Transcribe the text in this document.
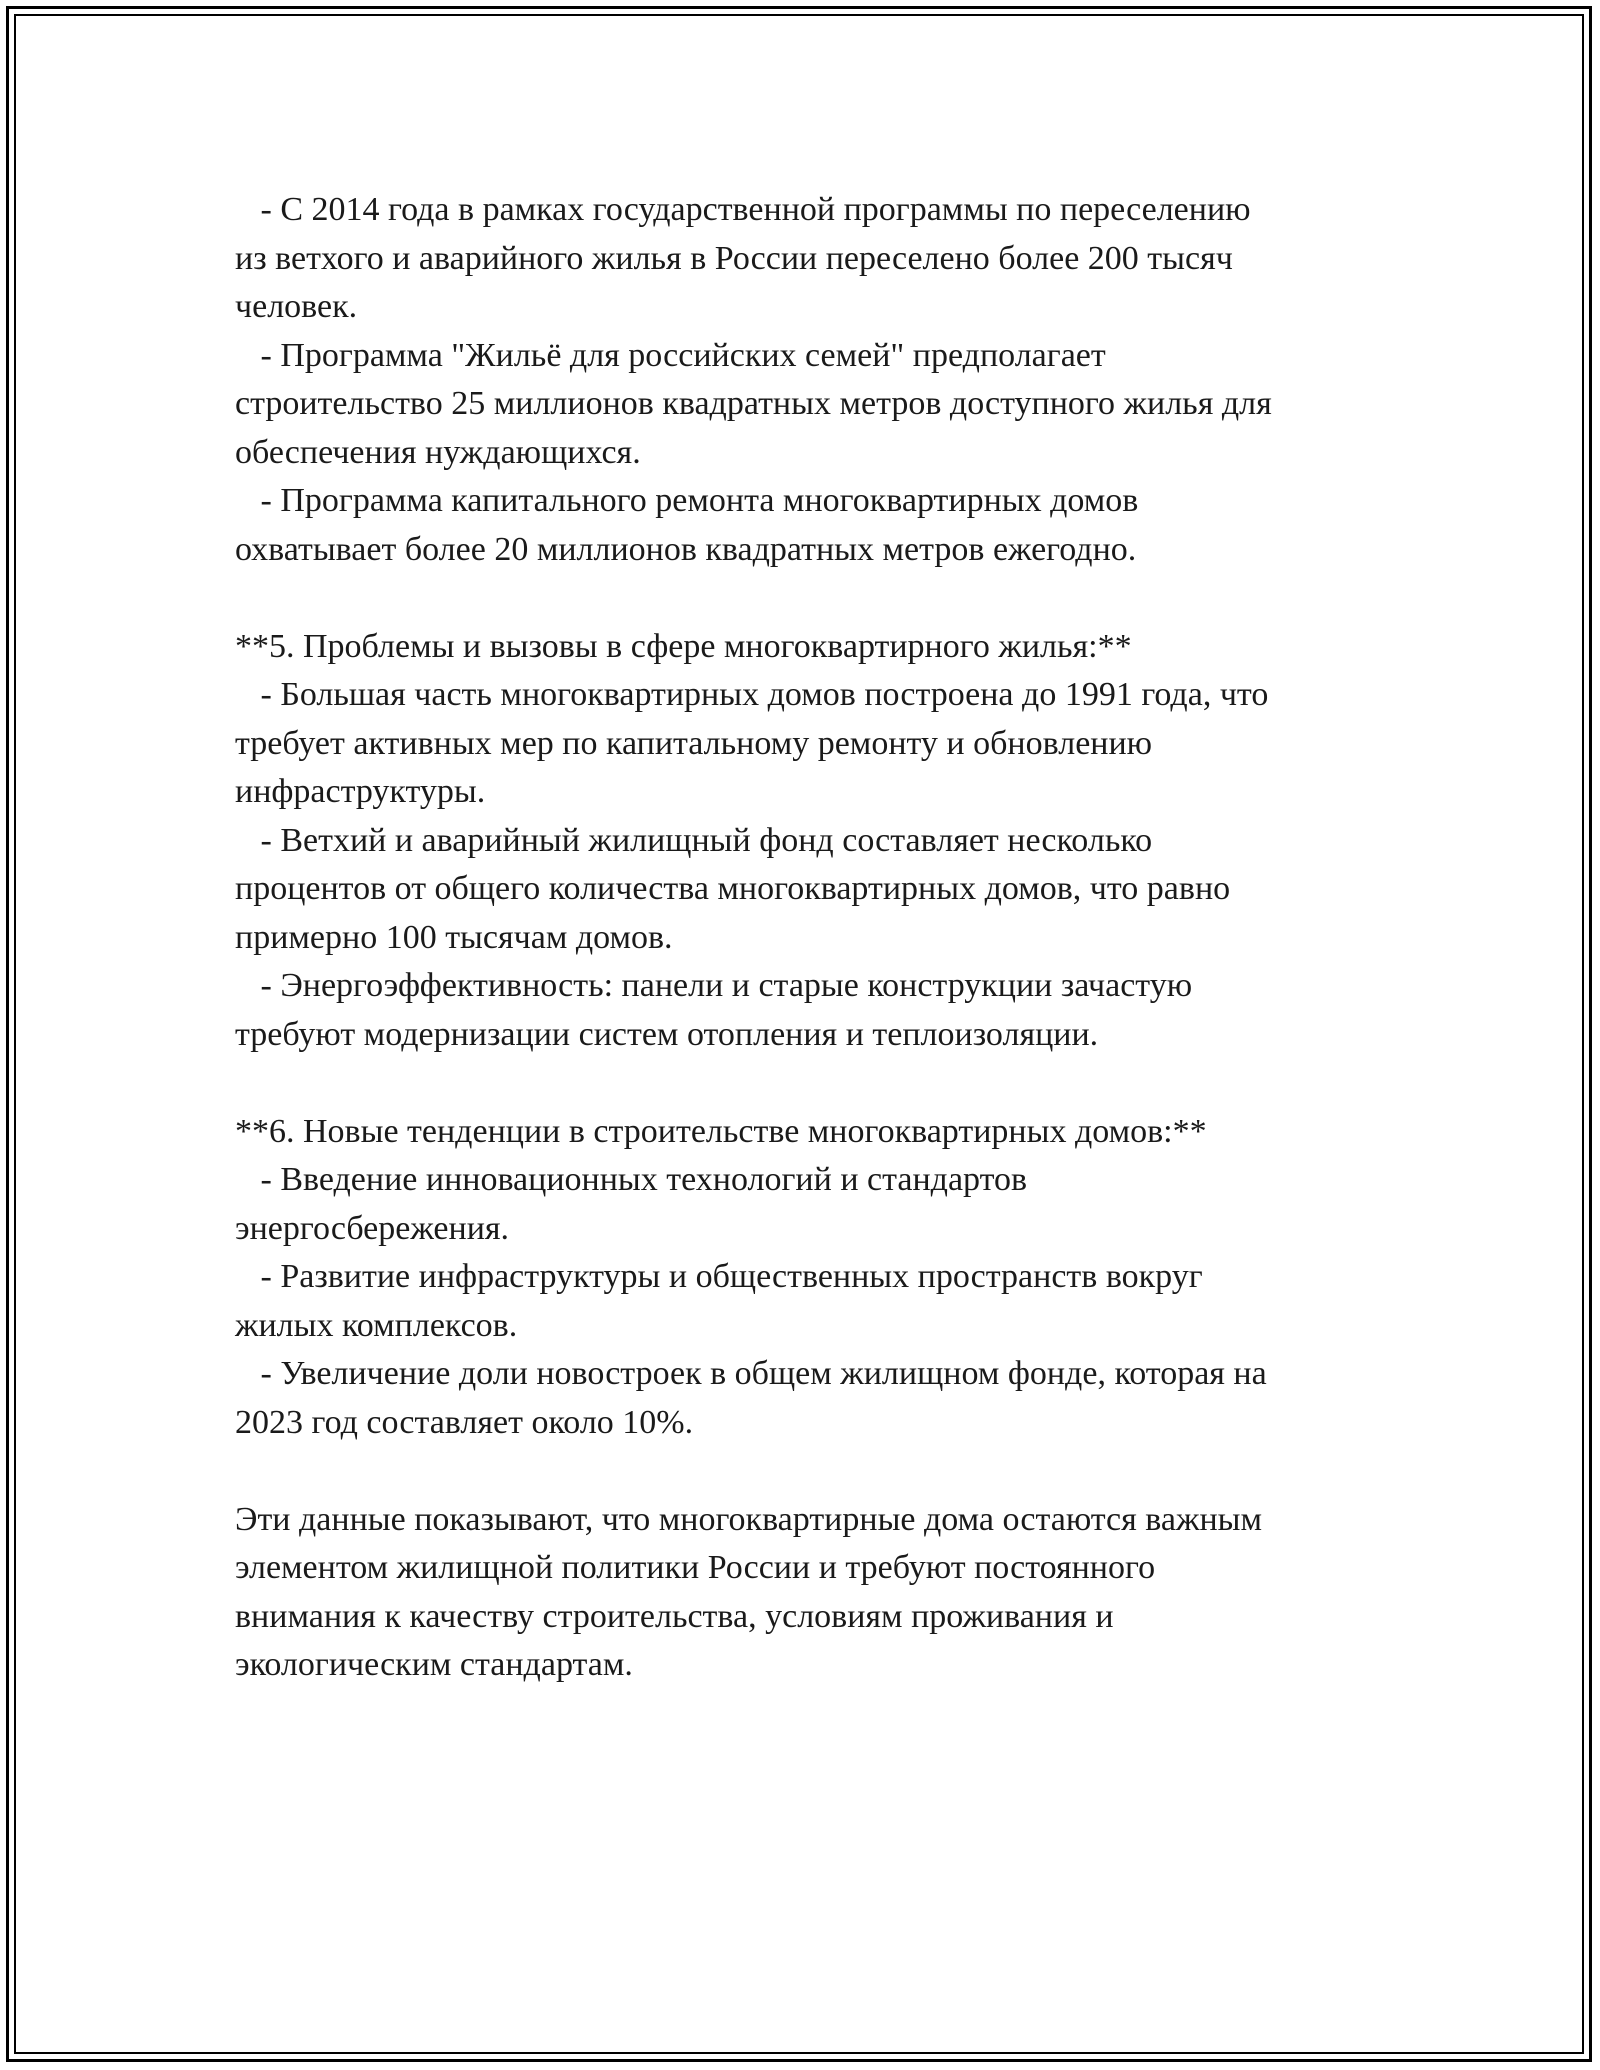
- С 2014 года в рамках государственной программы по переселению
из ветхого и аварийного жилья в России переселено более 200 тысяч
человек.
- Программа "Жильё для российских семей" предполагает
строительство 25 миллионов квадратных метров доступного жилья для
обеспечения нуждающихся.
- Программа капитального ремонта многоквартирных домов
охватывает более 20 миллионов квадратных метров ежегодно.
**5. Проблемы и вызовы в сфере многоквартирного жилья:**
- Большая часть многоквартирных домов построена до 1991 года, что
требует активных мер по капитальному ремонту и обновлению
инфраструктуры.
- Ветхий и аварийный жилищный фонд составляет несколько
процентов от общего количества многоквартирных домов, что равно
примерно 100 тысячам домов.
- Энергоэффективность: панели и старые конструкции зачастую
требуют модернизации систем отопления и теплоизоляции.
**6. Новые тенденции в строительстве многоквартирных домов:**
- Введение инновационных технологий и стандартов
энергосбережения.
- Развитие инфраструктуры и общественных пространств вокруг
жилых комплексов.
- Увеличение доли новостроек в общем жилищном фонде, которая на
2023 год составляет около 10%.
Эти данные показывают, что многоквартирные дома остаются важным
элементом жилищной политики России и требуют постоянного
внимания к качеству строительства, условиям проживания и
экологическим стандартам.
